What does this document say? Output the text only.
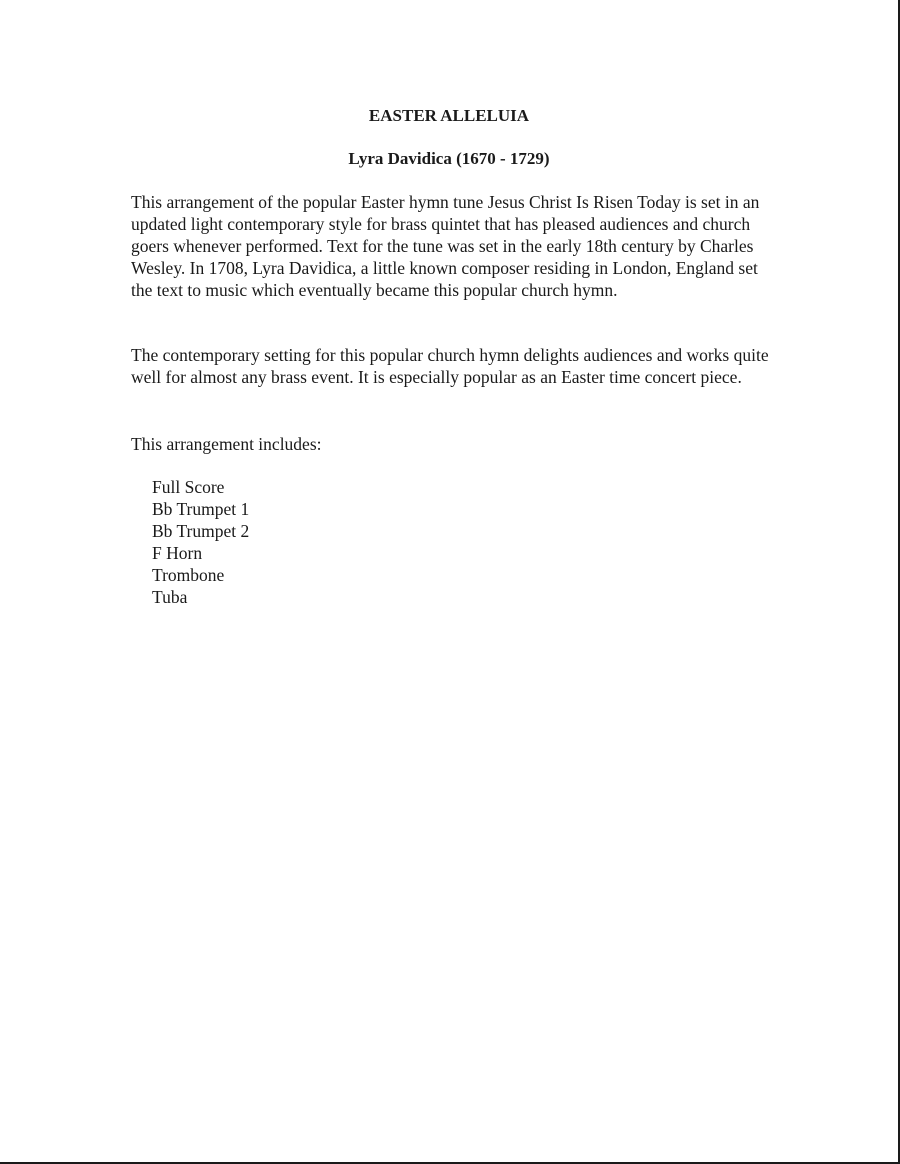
EASTER ALLELUIA
Lyra Davidica (1670 - 1729)

This arrangement of the popular Easter hymn tune Jesus Christ Is Risen Today is set in an updated light contemporary style for brass quintet that has pleased audiences and church goers whenever performed. Text for the tune was set in the early 18th century by Charles Wesley. In 1708, Lyra Davidica, a little known composer residing in London, England set the text to music which eventually became this popular church hymn.

The contemporary setting for this popular church hymn delights audiences and works quite well for almost any brass event. It is especially popular as an Easter time concert piece.

This arrangement includes:

Full Score
Bb Trumpet 1
Bb Trumpet 2
F Horn
Trombone
Tuba
